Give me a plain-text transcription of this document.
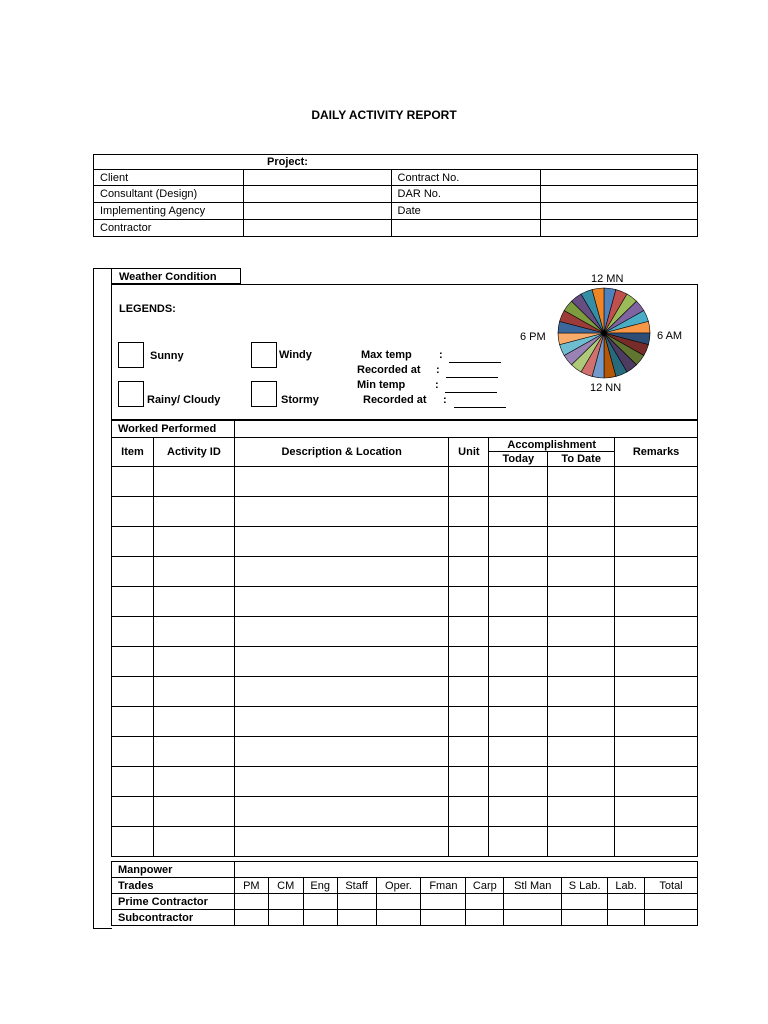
DAILY ACTIVITY REPORT
Project:			
Client		Contract No.	
Consultant (Design)		DAR No.	
Implementing Agency		Date	
Contractor			
Weather Condition
LEGENDS:
Sunny	Windy
Rainy/ Cloudy	Stormy
Max temp :
Recorded at :
Min temp	:
Recorded at :
12 MN
6 AM
12 NN
6 PM
Worked Performed						
Item	Activity ID	Description & Location	Unit	Accomplishment		Remarks
				Today	To Date	

Manpower											
Trades	PM	CM	Eng	Staff	Oper.	Fman	Carp	Stl Man	S Lab.	Lab.	Total
Prime Contractor											
Subcontractor											
